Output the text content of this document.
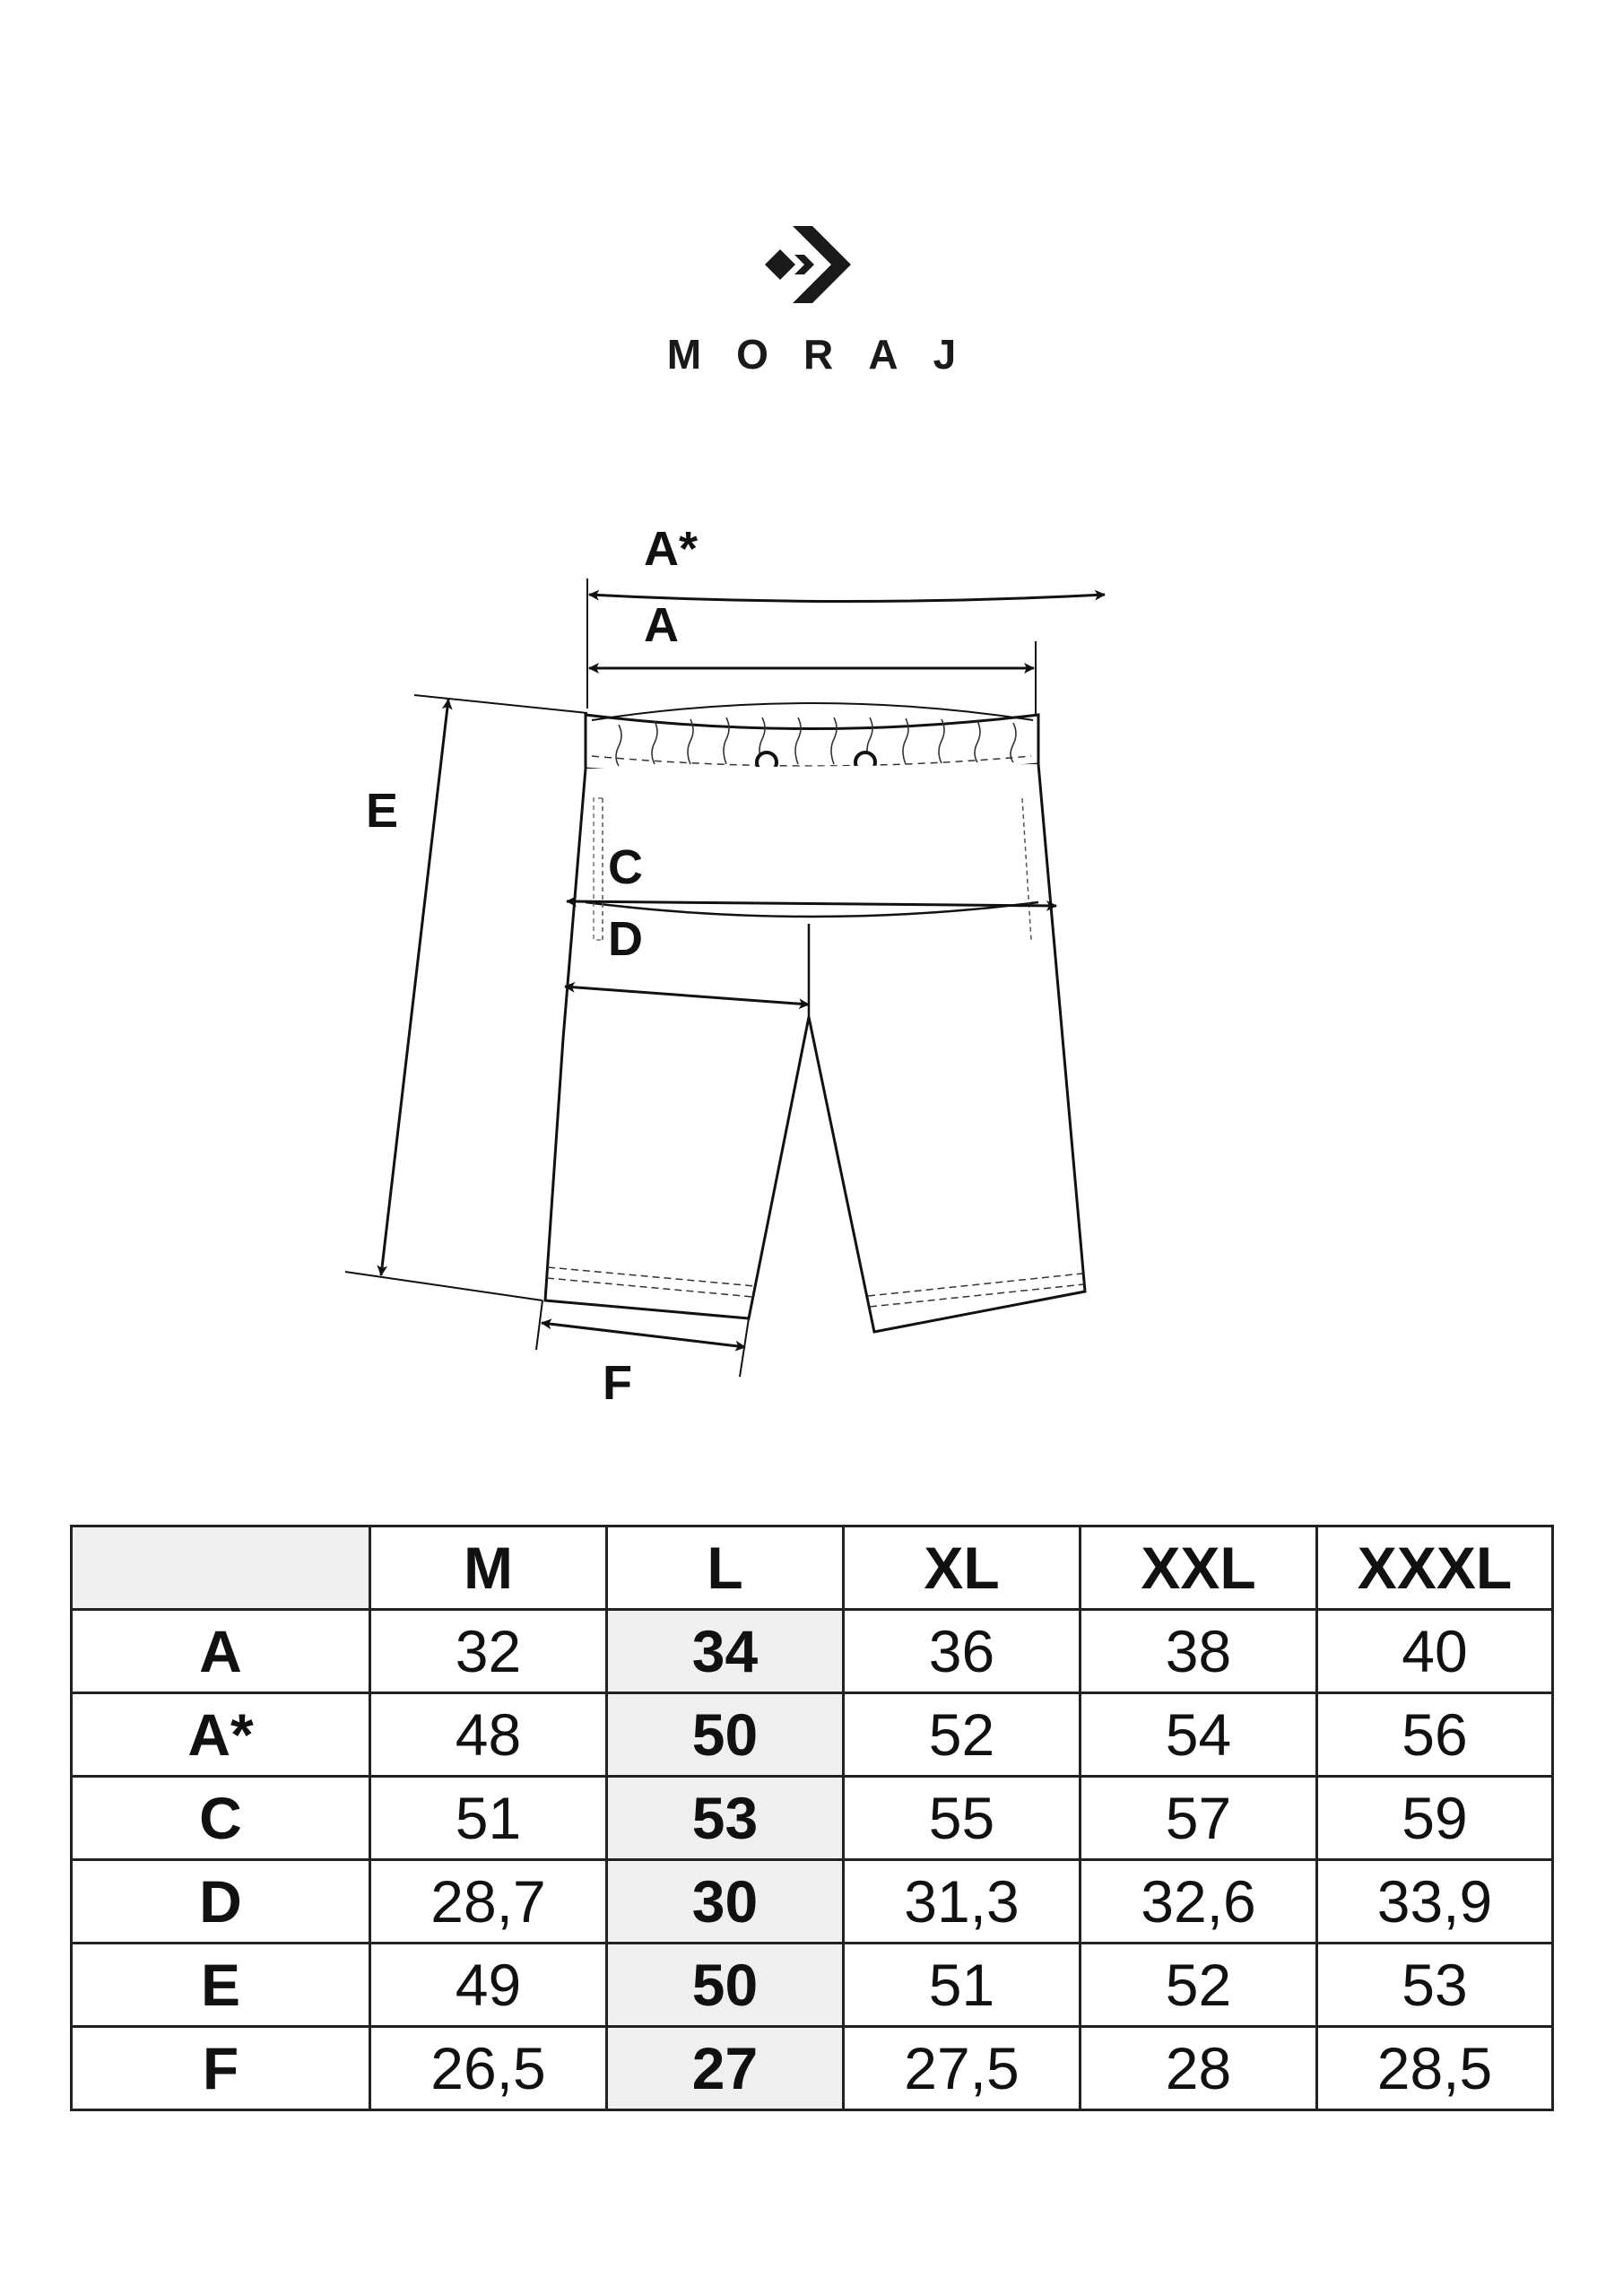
MORAJ
A*
A
E
C
D
F
	M	L	XL	XXL	XXXL
A	32	34	36	38	40
A*	48	50	52	54	56
C	51	53	55	57	59
D	28,7	30	31,3	32,6	33,9
E	49	50	51	52	53
F	26,5	27	27,5	28	28,5
